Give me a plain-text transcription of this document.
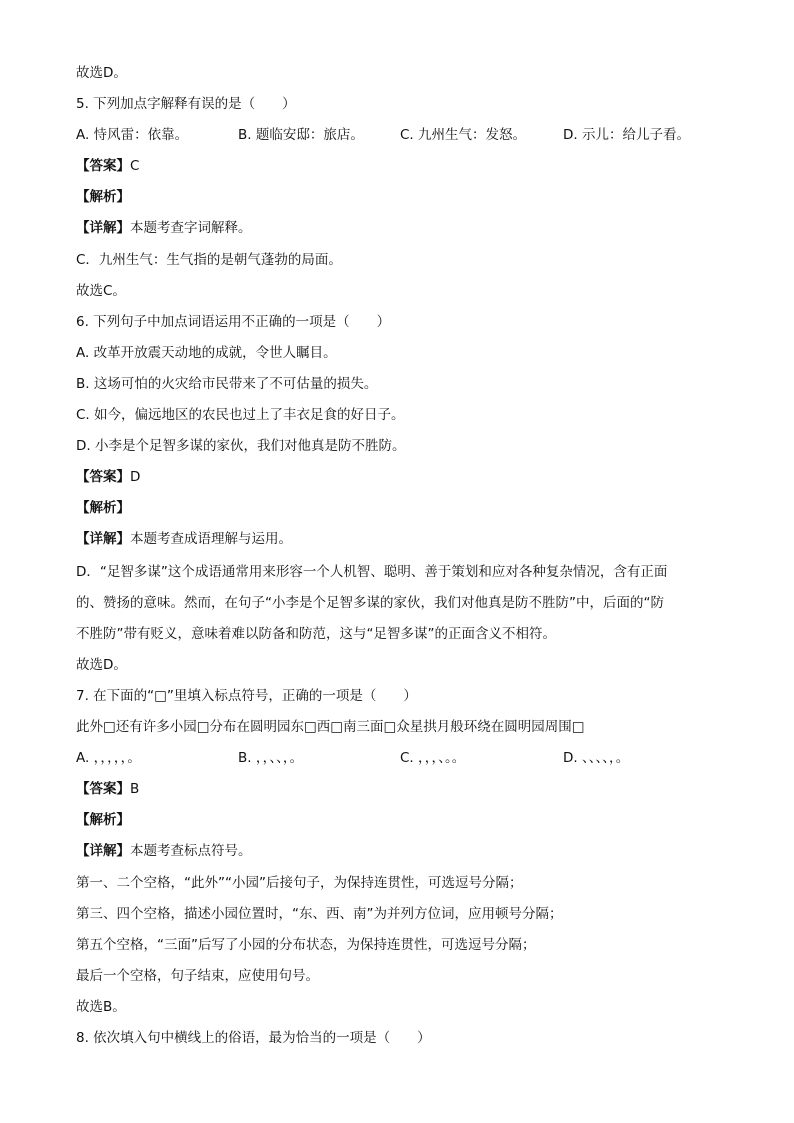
故选D。
5. 下列加点字解释有误的是（　　）
A. 恃风雷：依靠。	B. 题临安邸：旅店。	C. 九州生气：发怒。	D. 示儿：给儿子看。
【答案】C
【解析】
【详解】本题考查字词解释。
C．九州生气：生气指的是朝气蓬勃的局面。
故选C。
6. 下列句子中加点词语运用不正确的一项是（　　）
A. 改革开放震天动地的成就，令世人瞩目。
B. 这场可怕的火灾给市民带来了不可估量的损失。
C. 如今，偏远地区的农民也过上了丰衣足食的好日子。
D. 小李是个足智多谋的家伙，我们对他真是防不胜防。
【答案】D
【解析】
【详解】本题考查成语理解与运用。
D．“足智多谋”这个成语通常用来形容一个人机智、聪明、善于策划和应对各种复杂情况，含有正面
的、赞扬的意味。然而，在句子“小李是个足智多谋的家伙，我们对他真是防不胜防”中，后面的“防
不胜防”带有贬义，意味着难以防备和防范，这与“足智多谋”的正面含义不相符。
故选D。
7. 在下面的“□”里填入标点符号，正确的一项是（　　）
此外□还有许多小园□分布在圆明园东□西□南三面□众星拱月般环绕在圆明园周围□
A. ，，，，，。	B. ，，、、，。	C. ，，，、。。	D. 、、、、，。
【答案】B
【解析】
【详解】本题考查标点符号。
第一、二个空格，“此外”“小园”后接句子，为保持连贯性，可选逗号分隔；
第三、四个空格，描述小园位置时，“东、西、南”为并列方位词，应用顿号分隔；
第五个空格，“三面”后写了小园的分布状态，为保持连贯性，可选逗号分隔；
最后一个空格，句子结束，应使用句号。
故选B。
8. 依次填入句中横线上的俗语，最为恰当的一项是（　　）
